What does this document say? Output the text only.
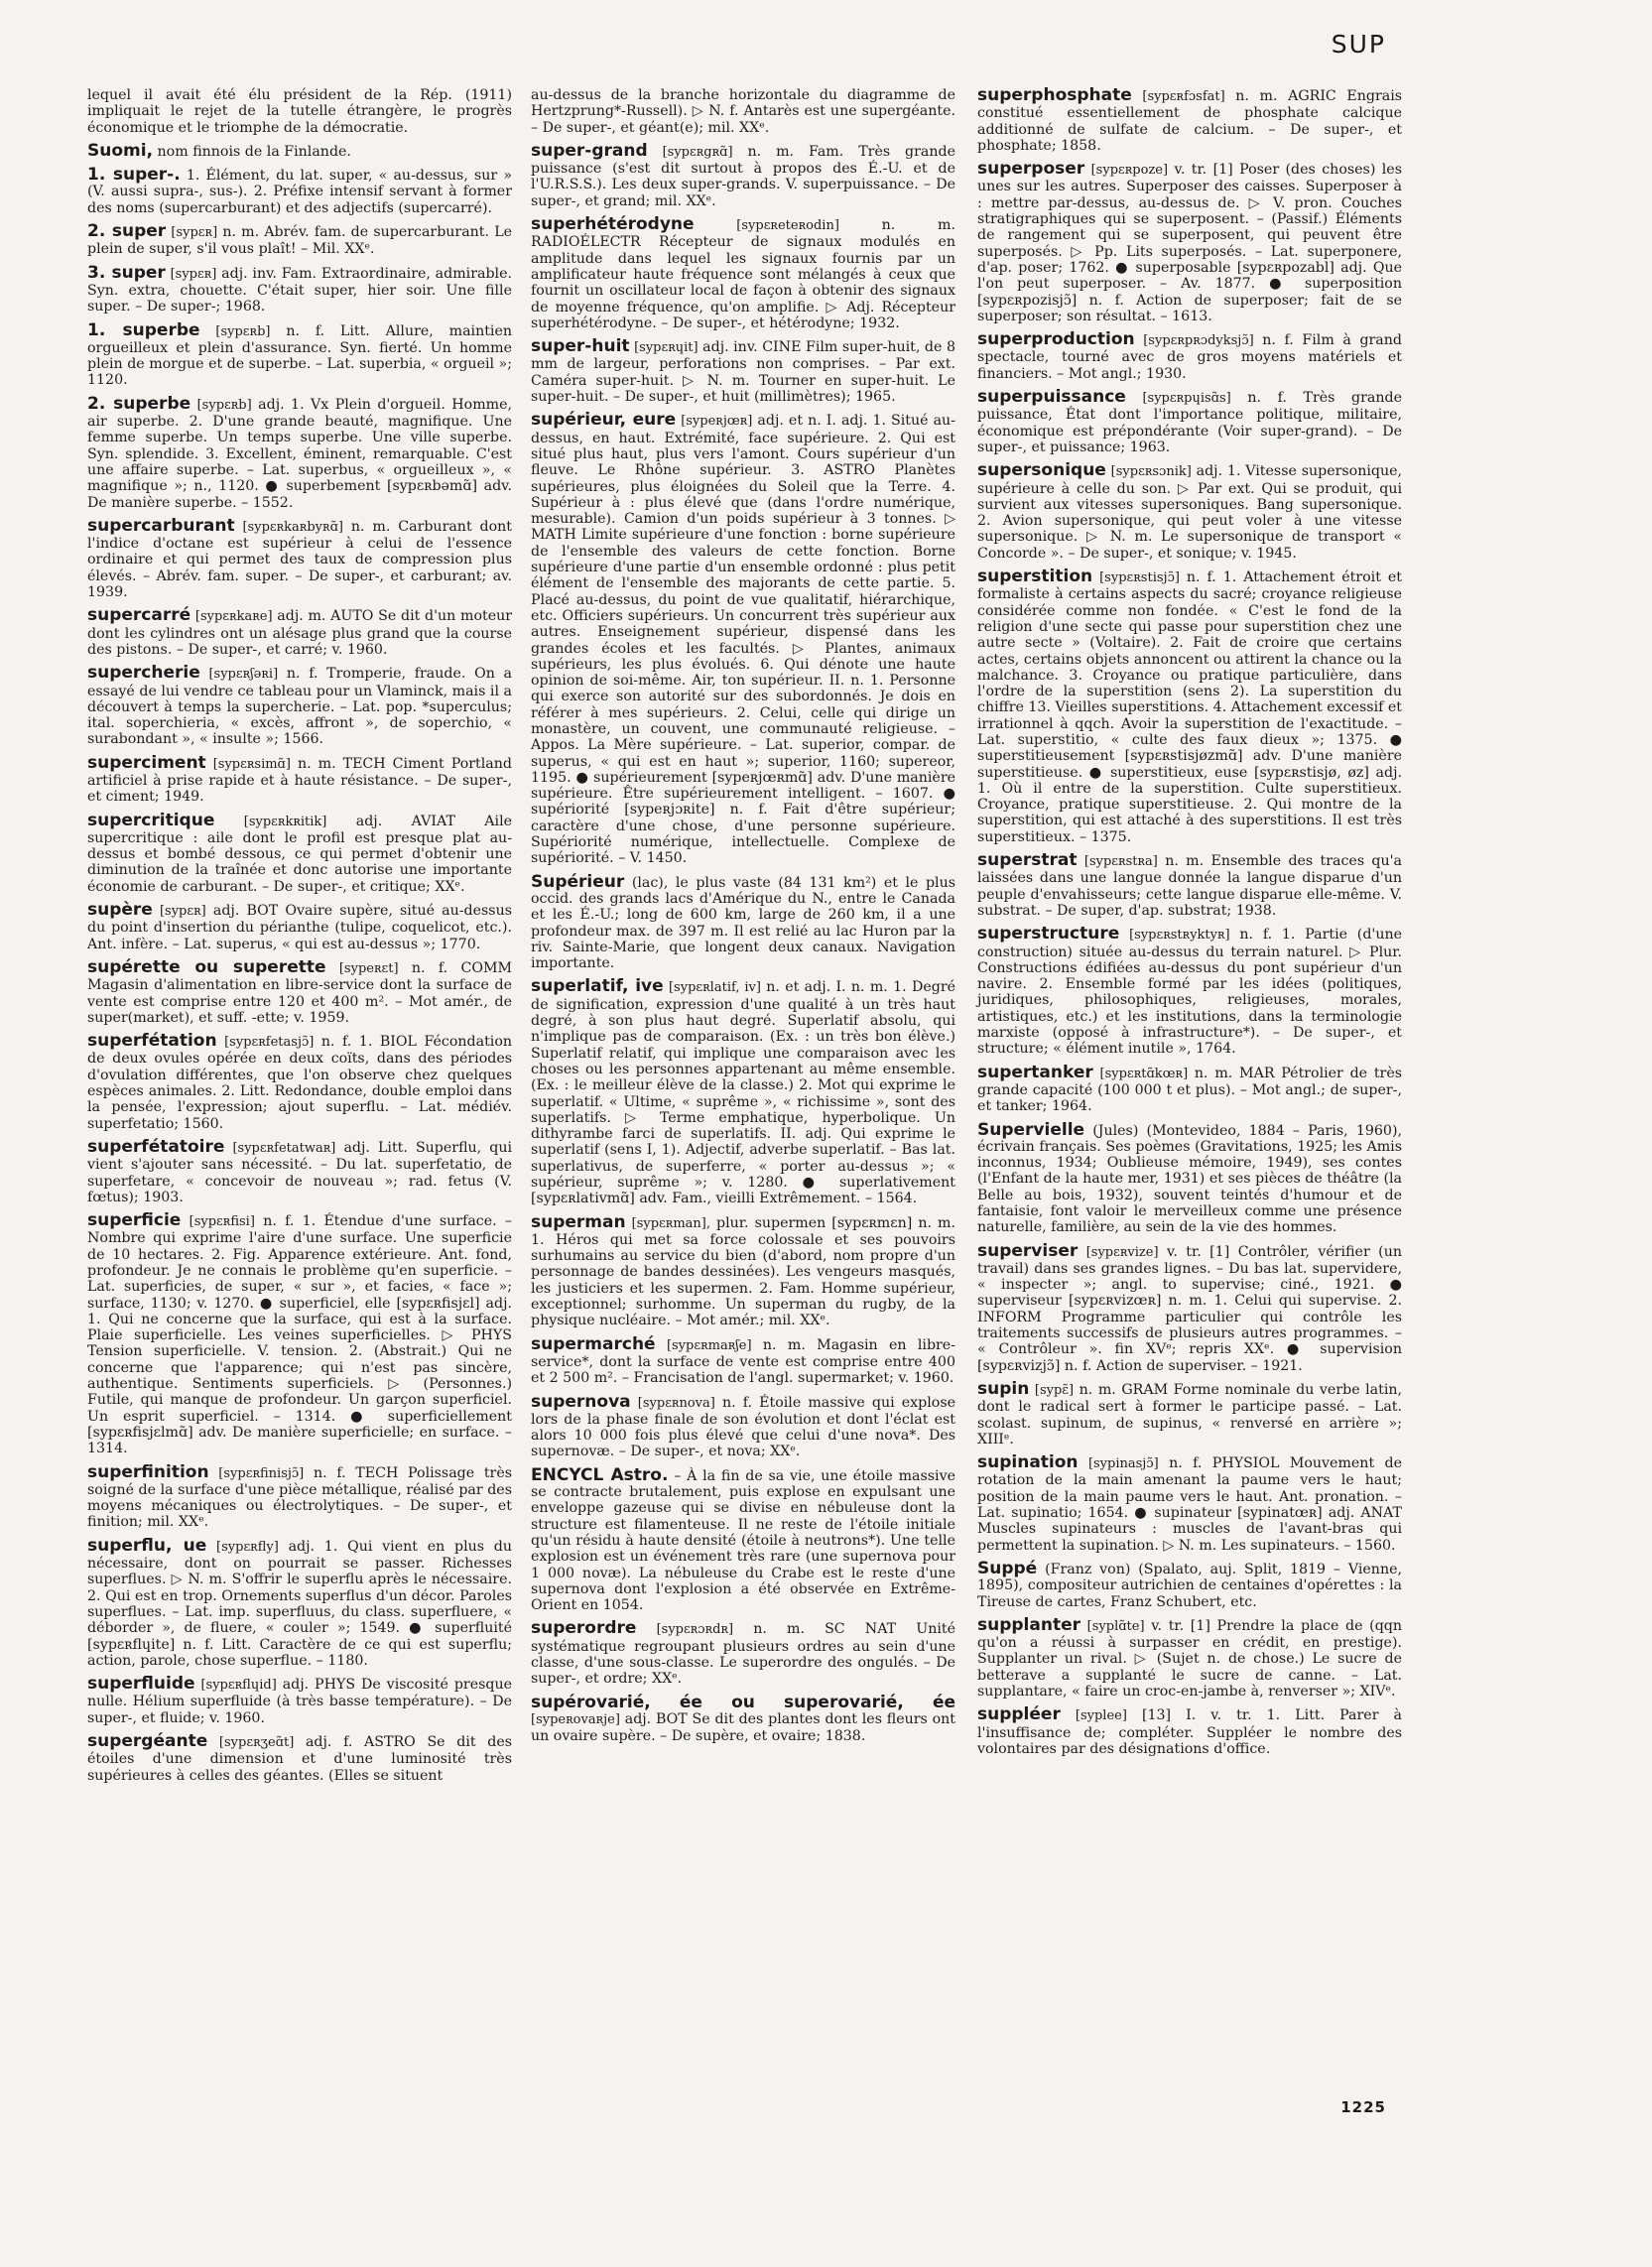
SUP

lequel il avait été élu président de la Rép. (1911) impliquait le rejet de la tutelle étrangère, le progrès économique et le triomphe de la démocratie.

Suomi, nom finnois de la Finlande.

1. super-. 1. Élément, du lat. super, « au-dessus, sur » (V. aussi supra-, sus-). 2. Préfixe intensif servant à former des noms (supercarburant) et des adjectifs (supercarré).

2. super [sypɛʀ] n. m. Abrév. fam. de supercarburant. Le plein de super, s'il vous plaît! – Mil. XXᵉ.

3. super [sypɛʀ] adj. inv. Fam. Extraordinaire, admirable. Syn. extra, chouette. C'était super, hier soir. Une fille super. – De super-; 1968.

1. superbe [sypɛʀb] n. f. Litt. Allure, maintien orgueilleux et plein d'assurance. Syn. fierté. Un homme plein de morgue et de superbe. – Lat. superbia, « orgueil »; 1120.

2. superbe [sypɛʀb] adj. 1. Vx Plein d'orgueil. Homme, air superbe. 2. D'une grande beauté, magnifique. Une femme superbe. Un temps superbe. Une ville superbe. Syn. splendide. 3. Excellent, éminent, remarquable. C'est une affaire superbe. – Lat. superbus, « orgueilleux », « magnifique »; n., 1120. ● superbement [sypɛʀbəmɑ̃] adv. De manière superbe. – 1552.

supercarburant [sypɛʀkaʀbyʀɑ̃] n. m. Carburant dont l'indice d'octane est supérieur à celui de l'essence ordinaire et qui permet des taux de compression plus élevés. – Abrév. fam. super. – De super-, et carburant; av. 1939.

supercarré [sypɛʀkaʀe] adj. m. AUTO Se dit d'un moteur dont les cylindres ont un alésage plus grand que la course des pistons. – De super-, et carré; v. 1960.

supercherie [sypɛʀʃəʀi] n. f. Tromperie, fraude. On a essayé de lui vendre ce tableau pour un Vlaminck, mais il a découvert à temps la supercherie. – Lat. pop. *superculus; ital. soperchieria, « excès, affront », de soperchio, « surabondant », « insulte »; 1566.

superciment [sypɛʀsimɑ̃] n. m. TECH Ciment Portland artificiel à prise rapide et à haute résistance. – De super-, et ciment; 1949.

supercritique [sypɛʀkʀitik] adj. AVIAT Aile supercritique : aile dont le profil est presque plat au-dessus et bombé dessous, ce qui permet d'obtenir une diminution de la traînée et donc autorise une importante économie de carburant. – De super-, et critique; XXᵉ.

supère [sypɛʀ] adj. BOT Ovaire supère, situé au-dessus du point d'insertion du périanthe (tulipe, coquelicot, etc.). Ant. infère. – Lat. superus, « qui est au-dessus »; 1770.

supérette ou superette [sypeʀɛt] n. f. COMM Magasin d'alimentation en libre-service dont la surface de vente est comprise entre 120 et 400 m². – Mot amér., de super(market), et suff. -ette; v. 1959.

superfétation [sypɛʀfetasjɔ̃] n. f. 1. BIOL Fécondation de deux ovules opérée en deux coïts, dans des périodes d'ovulation différentes, que l'on observe chez quelques espèces animales. 2. Litt. Redondance, double emploi dans la pensée, l'expression; ajout superflu. – Lat. médiév. superfetatio; 1560.

superfétatoire [sypɛʀfetatwaʀ] adj. Litt. Superflu, qui vient s'ajouter sans nécessité. – Du lat. superfetatio, de superfetare, « concevoir de nouveau »; rad. fetus (V. fœtus); 1903.

superficie [sypɛʀfisi] n. f. 1. Étendue d'une surface. – Nombre qui exprime l'aire d'une surface. Une superficie de 10 hectares. 2. Fig. Apparence extérieure. Ant. fond, profondeur. Je ne connais le problème qu'en superficie. – Lat. superficies, de super, « sur », et facies, « face »; surface, 1130; v. 1270. ● superficiel, elle [sypɛʀfisjɛl] adj. 1. Qui ne concerne que la surface, qui est à la surface. Plaie superficielle. Les veines superficielles. ▷ PHYS Tension superficielle. V. tension. 2. (Abstrait.) Qui ne concerne que l'apparence; qui n'est pas sincère, authentique. Sentiments superficiels. ▷ (Personnes.) Futile, qui manque de profondeur. Un garçon superficiel. Un esprit superficiel. – 1314. ● superficiellement [sypɛʀfisjɛlmɑ̃] adv. De manière superficielle; en surface. – 1314.

superfinition [sypɛʀfinisjɔ̃] n. f. TECH Polissage très soigné de la surface d'une pièce métallique, réalisé par des moyens mécaniques ou électrolytiques. – De super-, et finition; mil. XXᵉ.

superflu, ue [sypɛʀfly] adj. 1. Qui vient en plus du nécessaire, dont on pourrait se passer. Richesses superflues. ▷ N. m. S'offrir le superflu après le nécessaire. 2. Qui est en trop. Ornements superflus d'un décor. Paroles superflues. – Lat. imp. superfluus, du class. superfluere, « déborder », de fluere, « couler »; 1549. ● superfluité [sypɛʀflɥite] n. f. Litt. Caractère de ce qui est superflu; action, parole, chose superflue. – 1180.

superfluide [sypɛʀflɥid] adj. PHYS De viscosité presque nulle. Hélium superfluide (à très basse température). – De super-, et fluide; v. 1960.

supergéante [sypɛʀʒeɑ̃t] adj. f. ASTRO Se dit des étoiles d'une dimension et d'une luminosité très supérieures à celles des géantes. (Elles se situent

au-dessus de la branche horizontale du diagramme de Hertzprung*-Russell). ▷ N. f. Antarès est une supergéante. – De super-, et géant(e); mil. XXᵉ.

super-grand [sypɛʀgʀɑ̃] n. m. Fam. Très grande puissance (s'est dit surtout à propos des É.-U. et de l'U.R.S.S.). Les deux super-grands. V. superpuissance. – De super-, et grand; mil. XXᵉ.

superhétérodyne	[sypɛʀeteʀodin]	n. m. RADIOÉLECTR Récepteur de signaux modulés en amplitude dans lequel les signaux fournis par un amplificateur haute fréquence sont mélangés à ceux que fournit un oscillateur local de façon à obtenir des signaux de moyenne fréquence, qu'on amplifie. ▷ Adj. Récepteur superhétérodyne. – De super-, et hétérodyne; 1932.

super-huit [sypɛʀɥit] adj. inv. CINE Film super-huit, de 8 mm de largeur, perforations non comprises. – Par ext. Caméra super-huit. ▷ N. m. Tourner en super-huit. Le super-huit. – De super-, et huit (millimètres); 1965.

supérieur, eure [sypeʀjœʀ] adj. et n. I. adj. 1. Situé au-dessus, en haut. Extrémité, face supérieure. 2. Qui est situé plus haut, plus vers l'amont. Cours supérieur d'un fleuve. Le Rhône supérieur. 3. ASTRO Planètes supérieures, plus éloignées du Soleil que la Terre. 4. Supérieur à : plus élevé que (dans l'ordre numérique, mesurable). Camion d'un poids supérieur à 3 tonnes. ▷ MATH Limite supérieure d'une fonction : borne supérieure de l'ensemble des valeurs de cette fonction. Borne supérieure d'une partie d'un ensemble ordonné : plus petit élément de l'ensemble des majorants de cette partie. 5. Placé au-dessus, du point de vue qualitatif, hiérarchique, etc. Officiers supérieurs. Un concurrent très supérieur aux autres. Enseignement supérieur, dispensé dans les grandes écoles et les facultés. ▷ Plantes, animaux supérieurs, les plus évolués. 6. Qui dénote une haute opinion de soi-même. Air, ton supérieur. II. n. 1. Personne qui exerce son autorité sur des subordonnés. Je dois en référer à mes supérieurs. 2. Celui, celle qui dirige un monastère, un couvent, une communauté religieuse. – Appos. La Mère supérieure. – Lat. superior, compar. de superus, « qui est en haut »; superior, 1160; supereor, 1195. ● supérieurement [sypeʀjœʀmɑ̃] adv. D'une manière supérieure. Être supérieurement intelligent. – 1607. ● supériorité [sypeʀjɔʀite] n. f. Fait d'être supérieur; caractère d'une chose, d'une personne supérieure. Supériorité numérique, intellectuelle. Complexe de supériorité. – V. 1450.

Supérieur (lac), le plus vaste (84 131 km²) et le plus occid. des grands lacs d'Amérique du N., entre le Canada et les É.-U.; long de 600 km, large de 260 km, il a une profondeur max. de 397 m. Il est relié au lac Huron par la riv. Sainte-Marie, que longent deux canaux. Navigation importante.

superlatif, ive [sypɛʀlatif, iv] n. et adj. I. n. m. 1. Degré de signification, expression d'une qualité à un très haut degré, à son plus haut degré. Superlatif absolu, qui n'implique pas de comparaison. (Ex. : un très bon élève.) Superlatif relatif, qui implique une comparaison avec les choses ou les personnes appartenant au même ensemble. (Ex. : le meilleur élève de la classe.) 2. Mot qui exprime le superlatif. « Ultime, « suprême », « richissime », sont des superlatifs. ▷ Terme emphatique, hyperbolique. Un dithyrambe farci de superlatifs. II. adj. Qui exprime le superlatif (sens I, 1). Adjectif, adverbe superlatif. – Bas lat. superlativus, de superferre, « porter au-dessus »; « supérieur, suprême »; v. 1280. ● superlativement [sypɛʀlativmɑ̃] adv. Fam., vieilli Extrêmement. – 1564.

superman [sypɛʀman], plur. supermen [sypɛʀmɛn] n. m. 1. Héros qui met sa force colossale et ses pouvoirs surhumains au service du bien (d'abord, nom propre d'un personnage de bandes dessinées). Les vengeurs masqués, les justiciers et les supermen. 2. Fam. Homme supérieur, exceptionnel; surhomme. Un superman du rugby, de la physique nucléaire. – Mot amér.; mil. XXᵉ.

supermarché [sypɛʀmaʀʃe] n. m. Magasin en libre-service*, dont la surface de vente est comprise entre 400 et 2 500 m². – Francisation de l'angl. supermarket; v. 1960.

supernova [sypɛʀnova] n. f. Étoile massive qui explose lors de la phase finale de son évolution et dont l'éclat est alors 10 000 fois plus élevé que celui d'une nova*. Des supernovæ. – De super-, et nova; XXᵉ.

ENCYCL Astro. – À la fin de sa vie, une étoile massive se contracte brutalement, puis explose en expulsant une enveloppe gazeuse qui se divise en nébuleuse dont la structure est filamenteuse. Il ne reste de l'étoile initiale qu'un résidu à haute densité (étoile à neutrons*). Une telle explosion est un événement très rare (une supernova pour 1 000 novæ). La nébuleuse du Crabe est le reste d'une supernova dont l'explosion a été observée en Extrême-Orient en 1054.

superordre [sypɛʀɔʀdʀ] n. m. SC NAT Unité systématique regroupant plusieurs ordres au sein d'une classe, d'une sous-classe. Le superordre des ongulés. – De super-, et ordre; XXᵉ.

supérovarié, ée ou superovarié, ée [sypeʀovaʀje] adj. BOT Se dit des plantes dont les fleurs ont un ovaire supère. – De supère, et ovaire; 1838.

superphosphate [sypɛʀfɔsfat] n. m. AGRIC Engrais constitué essentiellement de phosphate calcique additionné de sulfate de calcium. – De super-, et phosphate; 1858.

superposer [sypɛʀpoze] v. tr. [1] Poser (des choses) les unes sur les autres. Superposer des caisses. Superposer à : mettre par-dessus, au-dessus de. ▷ V. pron. Couches stratigraphiques qui se superposent. – (Passif.) Éléments de rangement qui se superposent, qui peuvent être superposés. ▷ Pp. Lits superposés. – Lat. superponere, d'ap. poser; 1762. ● superposable [sypɛʀpozabl] adj. Que l'on peut superposer. – Av. 1877. ● superposition [sypɛʀpozisjɔ̃] n. f. Action de superposer; fait de se superposer; son résultat. – 1613.

superproduction [sypɛʀpʀɔdyksjɔ̃] n. f. Film à grand spectacle, tourné avec de gros moyens matériels et financiers. – Mot angl.; 1930.

superpuissance [sypɛʀpɥisɑ̃s] n. f. Très grande puissance, État dont l'importance politique, militaire, économique est prépondérante (Voir super-grand). – De super-, et puissance; 1963.

supersonique [sypɛʀsɔnik] adj. 1. Vitesse supersonique, supérieure à celle du son. ▷ Par ext. Qui se produit, qui survient aux vitesses supersoniques. Bang supersonique. 2. Avion supersonique, qui peut voler à une vitesse supersonique. ▷ N. m. Le supersonique de transport « Concorde ». – De super-, et sonique; v. 1945.

superstition [sypɛʀstisjɔ̃] n. f. 1. Attachement étroit et formaliste à certains aspects du sacré; croyance religieuse considérée comme non fondée. « C'est le fond de la religion d'une secte qui passe pour superstition chez une autre secte » (Voltaire). 2. Fait de croire que certains actes, certains objets annoncent ou attirent la chance ou la malchance. 3. Croyance ou pratique particulière, dans l'ordre de la superstition (sens 2). La superstition du chiffre 13. Vieilles superstitions. 4. Attachement excessif et irrationnel à qqch. Avoir la superstition de l'exactitude. – Lat. superstitio, « culte des faux dieux »; 1375. ● superstitieusement [sypɛʀstisjøzmɑ̃] adv. D'une manière superstitieuse. ● superstitieux, euse [sypɛʀstisjø, øz] adj. 1. Où il entre de la superstition. Culte superstitieux. Croyance, pratique superstitieuse. 2. Qui montre de la superstition, qui est attaché à des superstitions. Il est très superstitieux. – 1375.

superstrat [sypɛʀstʀa] n. m. Ensemble des traces qu'a laissées dans une langue donnée la langue disparue d'un peuple d'envahisseurs; cette langue disparue elle-même. V. substrat. – De super, d'ap. substrat; 1938.

superstructure [sypɛʀstʀyktyʀ] n. f. 1. Partie (d'une construction) située au-dessus du terrain naturel. ▷ Plur. Constructions édifiées au-dessus du pont supérieur d'un navire. 2. Ensemble formé par les idées (politiques, juridiques, philosophiques, religieuses, morales, artistiques, etc.) et les institutions, dans la terminologie marxiste (opposé à infrastructure*). – De super-, et structure; « élément inutile », 1764.

supertanker [sypɛʀtɑ̃kœʀ] n. m. MAR Pétrolier de très grande capacité (100 000 t et plus). – Mot angl.; de super-, et tanker; 1964.

Supervielle (Jules) (Montevideo, 1884 – Paris, 1960), écrivain français. Ses poèmes (Gravitations, 1925; les Amis inconnus, 1934; Oublieuse mémoire, 1949), ses contes (l'Enfant de la haute mer, 1931) et ses pièces de théâtre (la Belle au bois, 1932), souvent teintés d'humour et de fantaisie, font valoir le merveilleux comme une présence naturelle, familière, au sein de la vie des hommes.

superviser [sypɛʀvize] v. tr. [1] Contrôler, vérifier (un travail) dans ses grandes lignes. – Du bas lat. supervidere, « inspecter »; angl. to supervise; ciné., 1921. ● superviseur [sypɛʀvizœʀ] n. m. 1. Celui qui supervise. 2. INFORM Programme particulier qui contrôle les traitements successifs de plusieurs autres programmes. – « Contrôleur ». fin XVᵉ; repris XXᵉ. ● supervision [sypɛʀvizjɔ̃] n. f. Action de superviser. – 1921.

supin [sypɛ̃] n. m. GRAM Forme nominale du verbe latin, dont le radical sert à former le participe passé. – Lat. scolast. supinum, de supinus, « renversé en arrière »; XIIIᵉ.

supination [sypinasjɔ̃] n. f. PHYSIOL Mouvement de rotation de la main amenant la paume vers le haut; position de la main paume vers le haut. Ant. pronation. – Lat. supinatio; 1654. ● supinateur [sypinatœʀ] adj. ANAT Muscles supinateurs : muscles de l'avant-bras qui permettent la supination. ▷ N. m. Les supinateurs. – 1560.

Suppé (Franz von) (Spalato, auj. Split, 1819 – Vienne, 1895), compositeur autrichien de centaines d'opérettes : la Tireuse de cartes, Franz Schubert, etc.

supplanter [syplɑ̃te] v. tr. [1] Prendre la place de (qqn qu'on a réussi à surpasser en crédit, en prestige). Supplanter un rival. ▷ (Sujet n. de chose.) Le sucre de betterave a supplanté le sucre de canne. – Lat. supplantare, « faire un croc-en-jambe à, renverser »; XIVᵉ.

suppléer [syplee] [13] I. v. tr. 1. Litt. Parer à l'insuffisance de; compléter. Suppléer le nombre des volontaires par des désignations d'office.

1225
